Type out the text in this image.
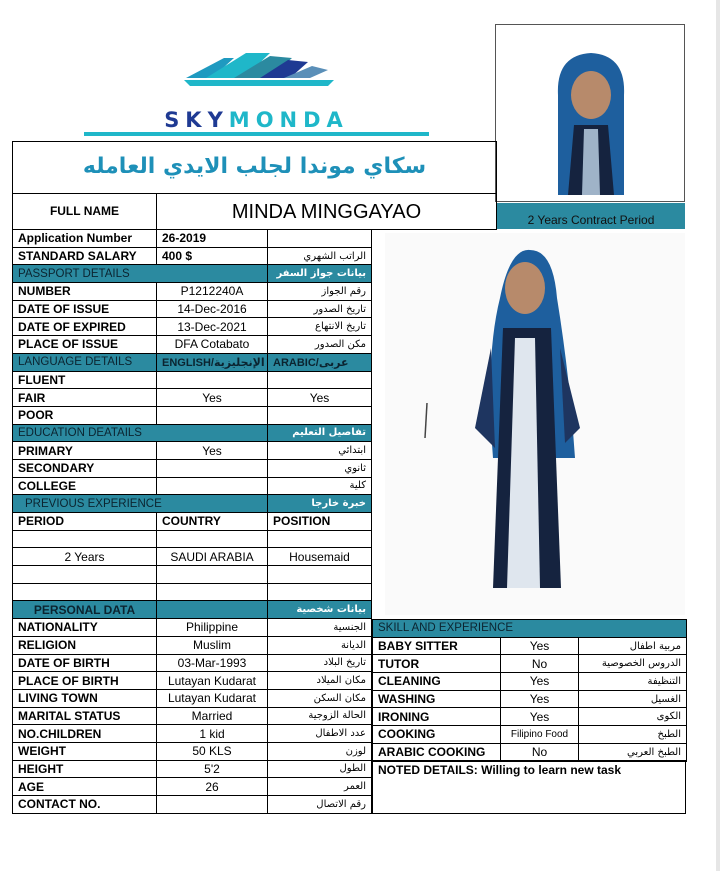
SKYMONDA
سكاي موندا لجلب الايدي العامله
FULL NAME	MINDA MINGGAYAO	2 Years Contract Period
Application Number	26-2019	
STANDARD SALARY	400 $	الراتب الشهري
PASSPORT DETAILS		بيانات جواز السفر
NUMBER	P1212240A	رقم الجواز
DATE OF ISSUE	14-Dec-2016	تاريخ الصدور
DATE OF EXPIRED	13-Dec-2021	تاريخ الانتهاع
PLACE OF ISSUE	DFA Cotabato	مكن الصدور
LANGUAGE DETAILS	ENGLISH/الإنجليزية	ARABIC/عربى
FLUENT		
FAIR	Yes	Yes
POOR		
EDUCATION DEATAILS		تفاصيل التعليم
PRIMARY	Yes	ابتدائي
SECONDARY		ثانوي
COLLEGE		كلية
PREVIOUS EXPERIENCE		خبرة خارجا
PERIOD	COUNTRY	POSITION

2 Years	SAUDI ARABIA	Housemaid

PERSONAL DATA		بيانات شخصية
NATIONALITY	Philippine	الجنسية
RELIGION	Muslim	الديانة
DATE OF BIRTH	03-Mar-1993	تاريخ البلاد
PLACE OF BIRTH	Lutayan Kudarat	مكان الميلاد
LIVING TOWN	Lutayan Kudarat	مكان السكن
MARITAL STATUS	Married	الحالة الزوجية
NO.CHILDREN	1 kid	عدد الاطفال
WEIGHT	50 KLS	لوزن
HEIGHT	5'2	الطول
AGE	26	العمر
CONTACT NO.		رقم الاتصال
SKILL AND EXPERIENCE		
BABY SITTER	Yes	مربية اطفال
TUTOR	No	الدروس الخصوصية
CLEANING	Yes	التنظيفة
WASHING	Yes	الغسيل
IRONING	Yes	الكوى
COOKING	Filipino Food	الطبخ
ARABIC COOKING	No	الطبخ العربي
NOTED DETAILS: Willing to learn new task
